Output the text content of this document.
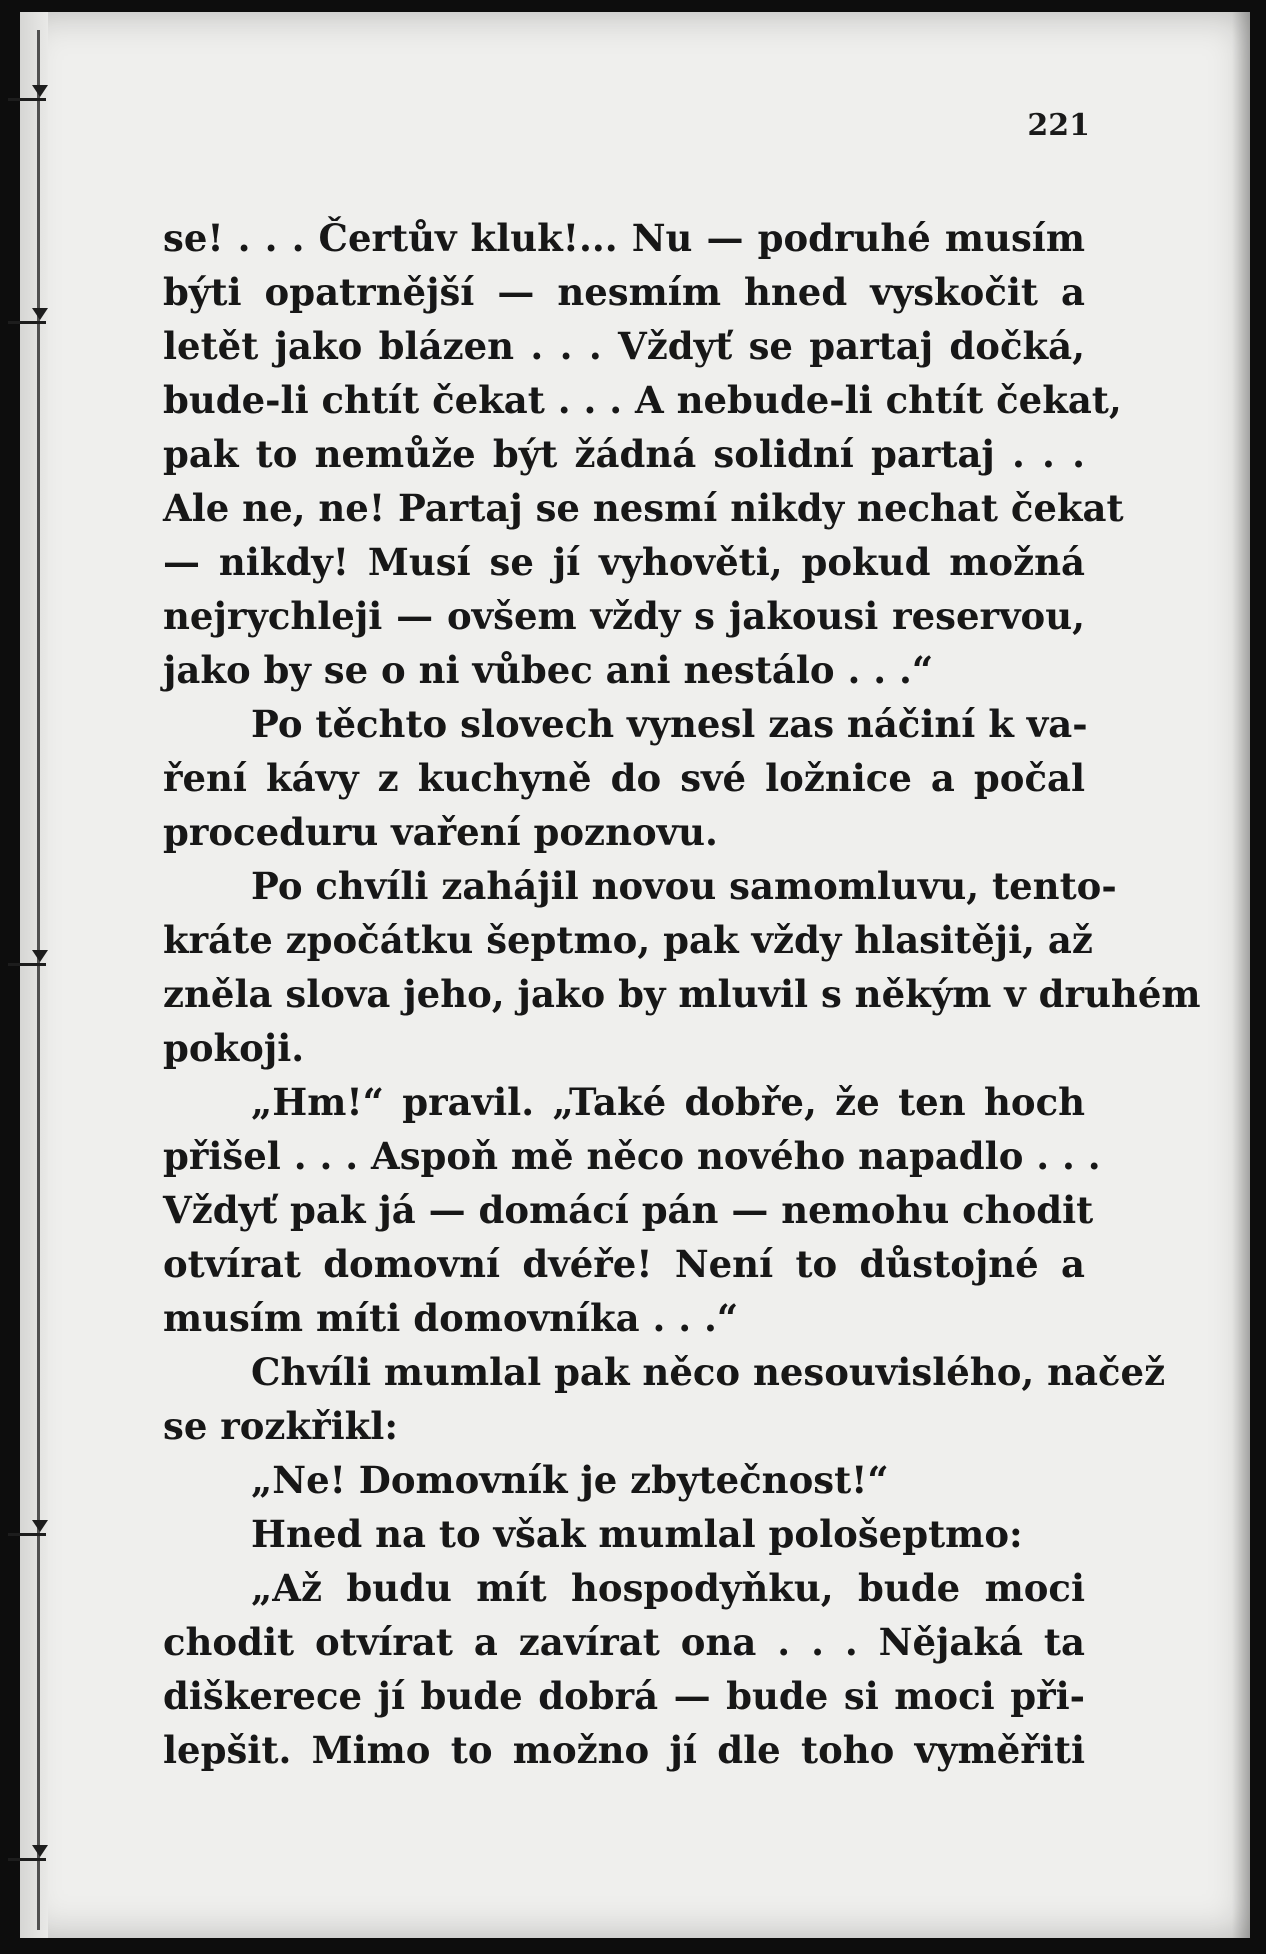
221
se! . . . Čertův kluk!... Nu — podruhé musím
býti opatrnější — nesmím hned vyskočit a
letět jako blázen . . . Vždyť se partaj dočká,
bude-li chtít čekat . . . A nebude-li chtít čekat,
pak to nemůže být žádná solidní partaj . . .
Ale ne, ne! Partaj se nesmí nikdy nechat čekat
— nikdy! Musí se jí vyhověti, pokud možná
nejrychleji — ovšem vždy s jakousi reservou,
jako by se o ni vůbec ani nestálo . . .“
Po těchto slovech vynesl zas náčiní k va-
ření kávy z kuchyně do své ložnice a počal
proceduru vaření poznovu.
Po chvíli zahájil novou samomluvu, tento-
kráte zpočátku šeptmo, pak vždy hlasitěji, až
zněla slova jeho, jako by mluvil s někým v druhém
pokoji.
„Hm!“ pravil. „Také dobře, že ten hoch
přišel . . . Aspoň mě něco nového napadlo . . .
Vždyť pak já — domácí pán — nemohu chodit
otvírat domovní dvéře! Není to důstojné a
musím míti domovníka . . .“
Chvíli mumlal pak něco nesouvislého, načež
se rozkřikl:
„Ne! Domovník je zbytečnost!“
Hned na to však mumlal pološeptmo:
„Až budu mít hospodyňku, bude moci
chodit otvírat a zavírat ona . . . Nějaká ta
diškerece jí bude dobrá — bude si moci při-
lepšit. Mimo to možno jí dle toho vyměřiti
